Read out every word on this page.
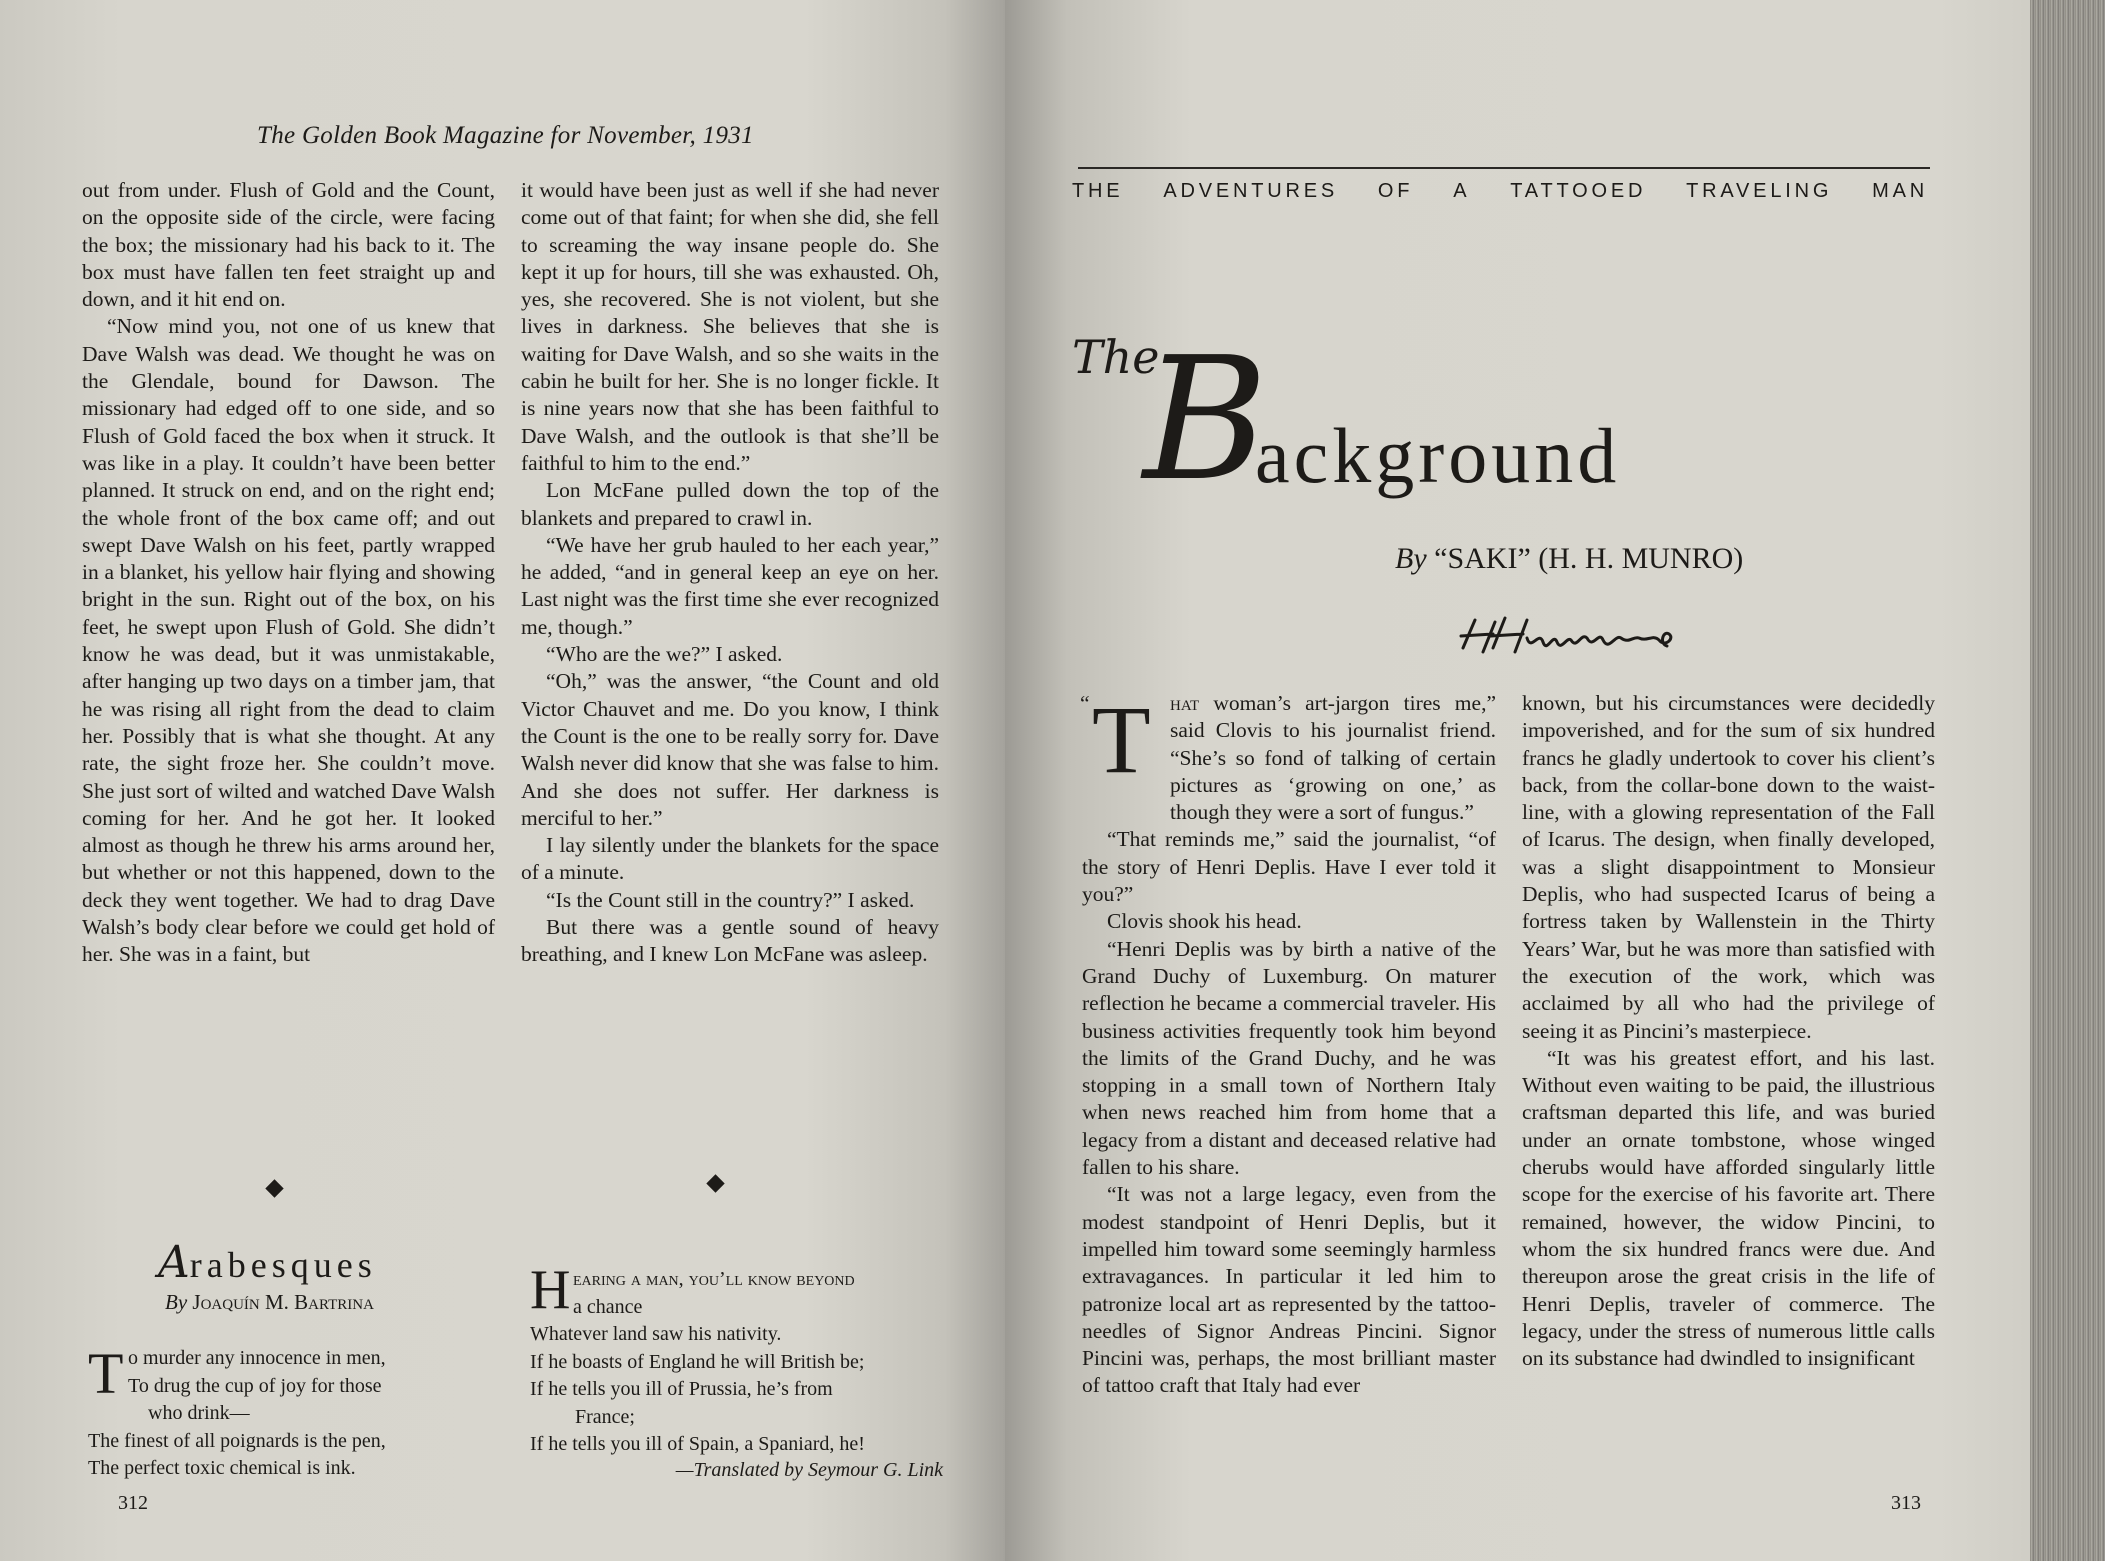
The Golden Book Magazine for November, 1931

out from under. Flush of Gold and the Count, on the opposite side of the circle, were facing the box; the missionary had his back to it. The box must have fallen ten feet straight up and down, and it hit end on.

“Now mind you, not one of us knew that Dave Walsh was dead. We thought he was on the Glendale, bound for Dawson. The missionary had edged off to one side, and so Flush of Gold faced the box when it struck. It was like in a play. It couldn’t have been better planned. It struck on end, and on the right end; the whole front of the box came off; and out swept Dave Walsh on his feet, partly wrapped in a blanket, his yellow hair flying and showing bright in the sun. Right out of the box, on his feet, he swept upon Flush of Gold. She didn’t know he was dead, but it was unmistakable, after hanging up two days on a timber jam, that he was rising all right from the dead to claim her. Possibly that is what she thought. At any rate, the sight froze her. She couldn’t move. She just sort of wilted and watched Dave Walsh coming for her. And he got her. It looked almost as though he threw his arms around her, but whether or not this happened, down to the deck they went together. We had to drag Dave Walsh’s body clear before we could get hold of her. She was in a faint, but

it would have been just as well if she had never come out of that faint; for when she did, she fell to screaming the way insane people do. She kept it up for hours, till she was exhausted. Oh, yes, she recovered. She is not violent, but she lives in darkness. She believes that she is waiting for Dave Walsh, and so she waits in the cabin he built for her. She is no longer fickle. It is nine years now that she has been faithful to Dave Walsh, and the outlook is that she’ll be faithful to him to the end.”

Lon McFane pulled down the top of the blankets and prepared to crawl in.

“We have her grub hauled to her each year,” he added, “and in general keep an eye on her. Last night was the first time she ever recognized me, though.”

“Who are the we?” I asked.

“Oh,” was the answer, “the Count and old Victor Chauvet and me. Do you know, I think the Count is the one to be really sorry for. Dave Walsh never did know that she was false to him. And she does not suffer. Her darkness is merciful to her.”

I lay silently under the blankets for the space of a minute.

“Is the Count still in the country?” I asked.

But there was a gentle sound of heavy breathing, and I knew Lon McFane was asleep.

Arabesques
By Joaquín M. Bartrina
T o murder any innocence in men,
To drug the cup of joy for those
who drink—
The finest of all poignards is the pen,
The perfect toxic chemical is ink.
H earing a man, you’ll know beyond
a chance
Whatever land saw his nativity.
If he boasts of England he will British be;
If he tells you ill of Prussia, he’s from
France;
If he tells you ill of Spain, a Spaniard, he!
—Translated by Seymour G. Link
312
THE ADVENTURES OF A TATTOOED TRAVELING MAN
The
B
ackground
By “SAKI” (H. H. MUNRO)
T

“	hat woman’s art-jargon tires me,” said Clovis to his journalist friend. “She’s so fond of talking of certain pictures as ‘growing on one,’ as though they were a sort of fungus.”

“That reminds me,” said the journalist, “of the story of Henri Deplis. Have I ever told it you?”

Clovis shook his head.

“Henri Deplis was by birth a native of the Grand Duchy of Luxemburg. On maturer reflection he became a commercial traveler. His business activities frequently took him beyond the limits of the Grand Duchy, and he was stopping in a small town of Northern Italy when news reached him from home that a legacy from a distant and deceased relative had fallen to his share.

“It was not a large legacy, even from the modest standpoint of Henri Deplis, but it impelled him toward some seemingly harmless extravagances. In particular it led him to patronize local art as represented by the tattoo-needles of Signor Andreas Pincini. Signor Pincini was, perhaps, the most brilliant master of tattoo craft that Italy had ever

known, but his circumstances were decidedly impoverished, and for the sum of six hundred francs he gladly undertook to cover his client’s back, from the collar-bone down to the waist-line, with a glowing representation of the Fall of Icarus. The design, when finally developed, was a slight disappointment to Monsieur Deplis, who had suspected Icarus of being a fortress taken by Wallenstein in the Thirty Years’ War, but he was more than satisfied with the execution of the work, which was acclaimed by all who had the privilege of seeing it as Pincini’s masterpiece.

“It was his greatest effort, and his last. Without even waiting to be paid, the illustrious craftsman departed this life, and was buried under an ornate tombstone, whose winged cherubs would have afforded singularly little scope for the exercise of his favorite art. There remained, however, the widow Pincini, to whom the six hundred francs were due. And thereupon arose the great crisis in the life of Henri Deplis, traveler of commerce. The legacy, under the stress of numerous little calls on its substance had dwindled to insignificant

313
